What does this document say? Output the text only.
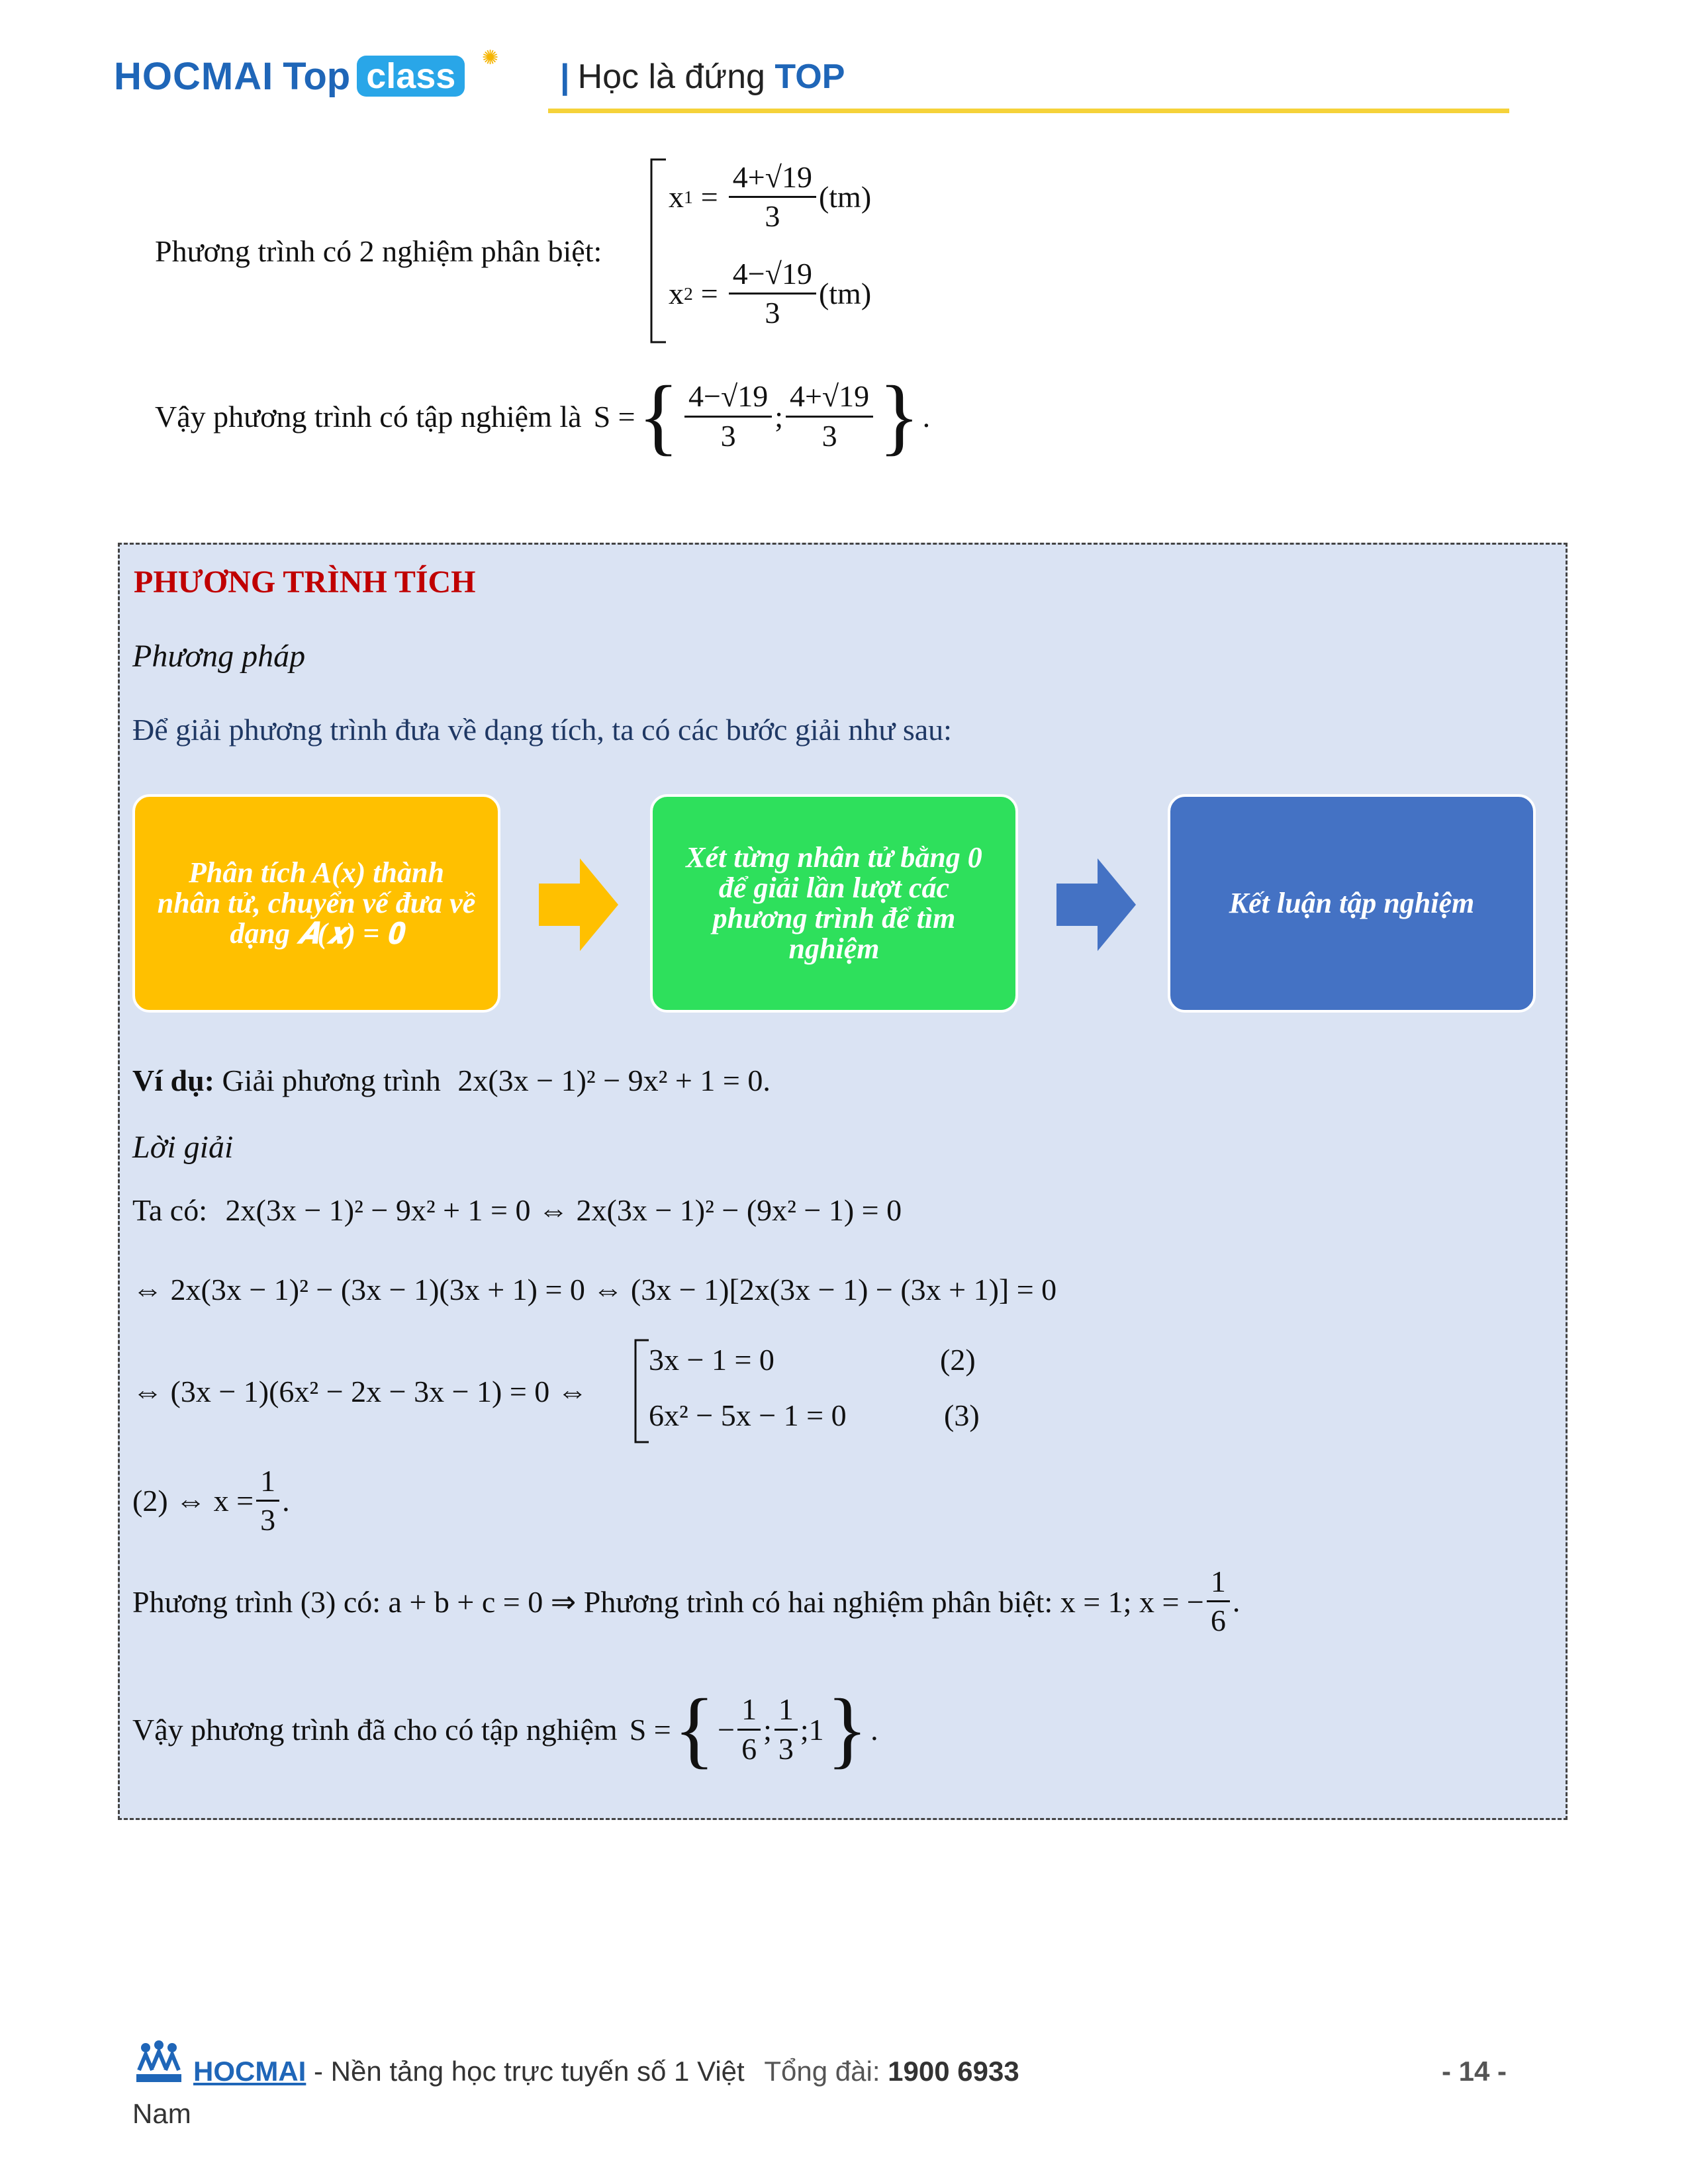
HOCMAI Top class	✺ | Học là đứng TOP
Phương trình có 2 nghiệm phân biệt:
x $1 = \frac{4+√19}{3} (tm)$
x $2 = \frac{4-√19}{3} (tm)$
Vậy phương trình có tập nghiệm là S = { $\frac{4-√19}{3}$ ; $\frac{4+√19}{3}$ } .
PHƯƠNG TRÌNH TÍCH
Phương pháp
Để giải phương trình đưa về dạng tích, ta có các bước giải như sau:
Phân tích A(x) thành
nhân tử, chuyển vế đưa về
dạng 𝑨(𝒙) = 𝟎
Xét từng nhân tử bằng 0 để giải lần lượt các phương trình để tìm nghiệm
Kết luận tập nghiệm
Ví dụ: Giải phương trình 2x(3x − 1)² − 9x² + 1 = 0.
Lời giải
Ta có: 2x(3x − 1)² − 9x² + 1 = 0 ⇔ 2x(3x − 1)² − (9x² − 1) = 0
⇔ 2x(3x − 1)² − (3x − 1)(3x + 1) = 0 ⇔ (3x − 1)[2x(3x − 1) − (3x + 1)] = 0
⇔ (3x − 1)(6x² − 2x − 3x − 1) = 0 ⇔
3x − 1 = 0	(2)
6x² − 5x − 1 = 0	(3)
(2) ⇔ $x = \frac{1}{3}$ .
Phương trình (3) có: a + b + c = 0 ⇒ Phương trình có hai nghiệm phân biệt: x = 1; x = − $\frac{1}{6}$ .
Vậy phương trình đã cho có tập nghiệm S = { − $\frac{1}{6}$ ; $\frac{1}{3}$ ; 1 } .
HOCMAI - Nền tảng học trực tuyến số 1 Việt Tổng đài: 1900 6933
Nam
- 14 -
